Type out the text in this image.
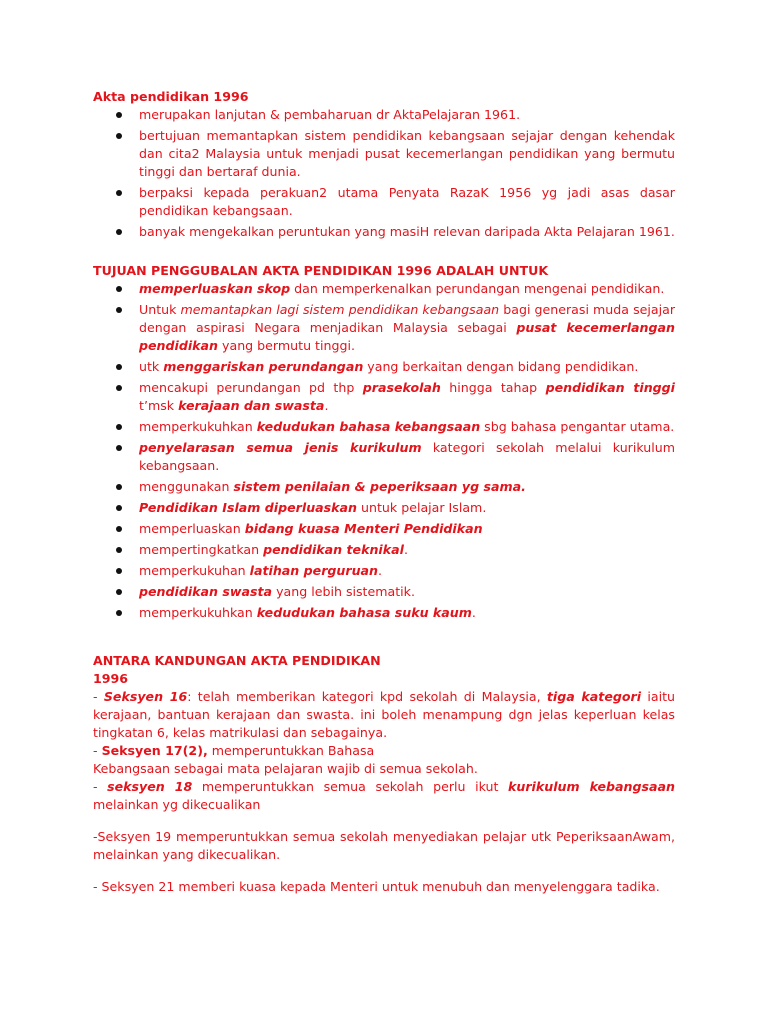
Akta pendidikan 1996

merupakan lanjutan & pembaharuan dr AktaPelajaran 1961.
bertujuan memantapkan sistem pendidikan kebangsaan sejajar dengan kehendak dan cita2 Malaysia untuk menjadi pusat kecemerlangan pendidikan yang bermutu tinggi dan bertaraf dunia.
berpaksi kepada perakuan2 utama Penyata RazaK 1956 yg jadi asas dasar pendidikan kebangsaan.
banyak mengekalkan peruntukan yang masiH relevan daripada Akta Pelajaran 1961.

TUJUAN PENGGUBALAN AKTA PENDIDIKAN 1996 ADALAH UNTUK

memperluaskan skop dan memperkenalkan perundangan mengenai pendidikan.
Untuk memantapkan lagi sistem pendidikan kebangsaan bagi generasi muda sejajar dengan aspirasi Negara menjadikan Malaysia sebagai pusat kecemerlangan pendidikan yang bermutu tinggi.
utk menggariskan perundangan yang berkaitan dengan bidang pendidikan.
mencakupi perundangan pd thp prasekolah hingga tahap pendidikan tinggi t’msk kerajaan dan swasta.
memperkukuhkan kedudukan bahasa kebangsaan sbg bahasa pengantar utama.
penyelarasan semua jenis kurikulum kategori sekolah melalui kurikulum kebangsaan.
menggunakan sistem penilaian & peperiksaan yg sama.
Pendidikan Islam diperluaskan untuk pelajar Islam.
memperluaskan bidang kuasa Menteri Pendidikan
mempertingkatkan pendidikan teknikal.
memperkukuhan latihan perguruan.
pendidikan swasta yang lebih sistematik.
memperkukuhkan kedudukan bahasa suku kaum.

ANTARA KANDUNGAN AKTA PENDIDIKAN

1996

- Seksyen 16: telah memberikan kategori kpd sekolah di Malaysia, tiga kategori iaitu kerajaan, bantuan kerajaan dan swasta. ini boleh menampung dgn jelas keperluan kelas tingkatan 6, kelas matrikulasi dan sebagainya.

- Seksyen 17(2), memperuntukkan Bahasa

Kebangsaan sebagai mata pelajaran wajib di semua sekolah.

- seksyen 18 memperuntukkan semua sekolah perlu ikut kurikulum kebangsaan melainkan yg dikecualikan

-Seksyen 19 memperuntukkan semua sekolah menyediakan pelajar utk PeperiksaanAwam, melainkan yang dikecualikan.

- Seksyen 21 memberi kuasa kepada Menteri untuk menubuh dan menyelenggara tadika.
